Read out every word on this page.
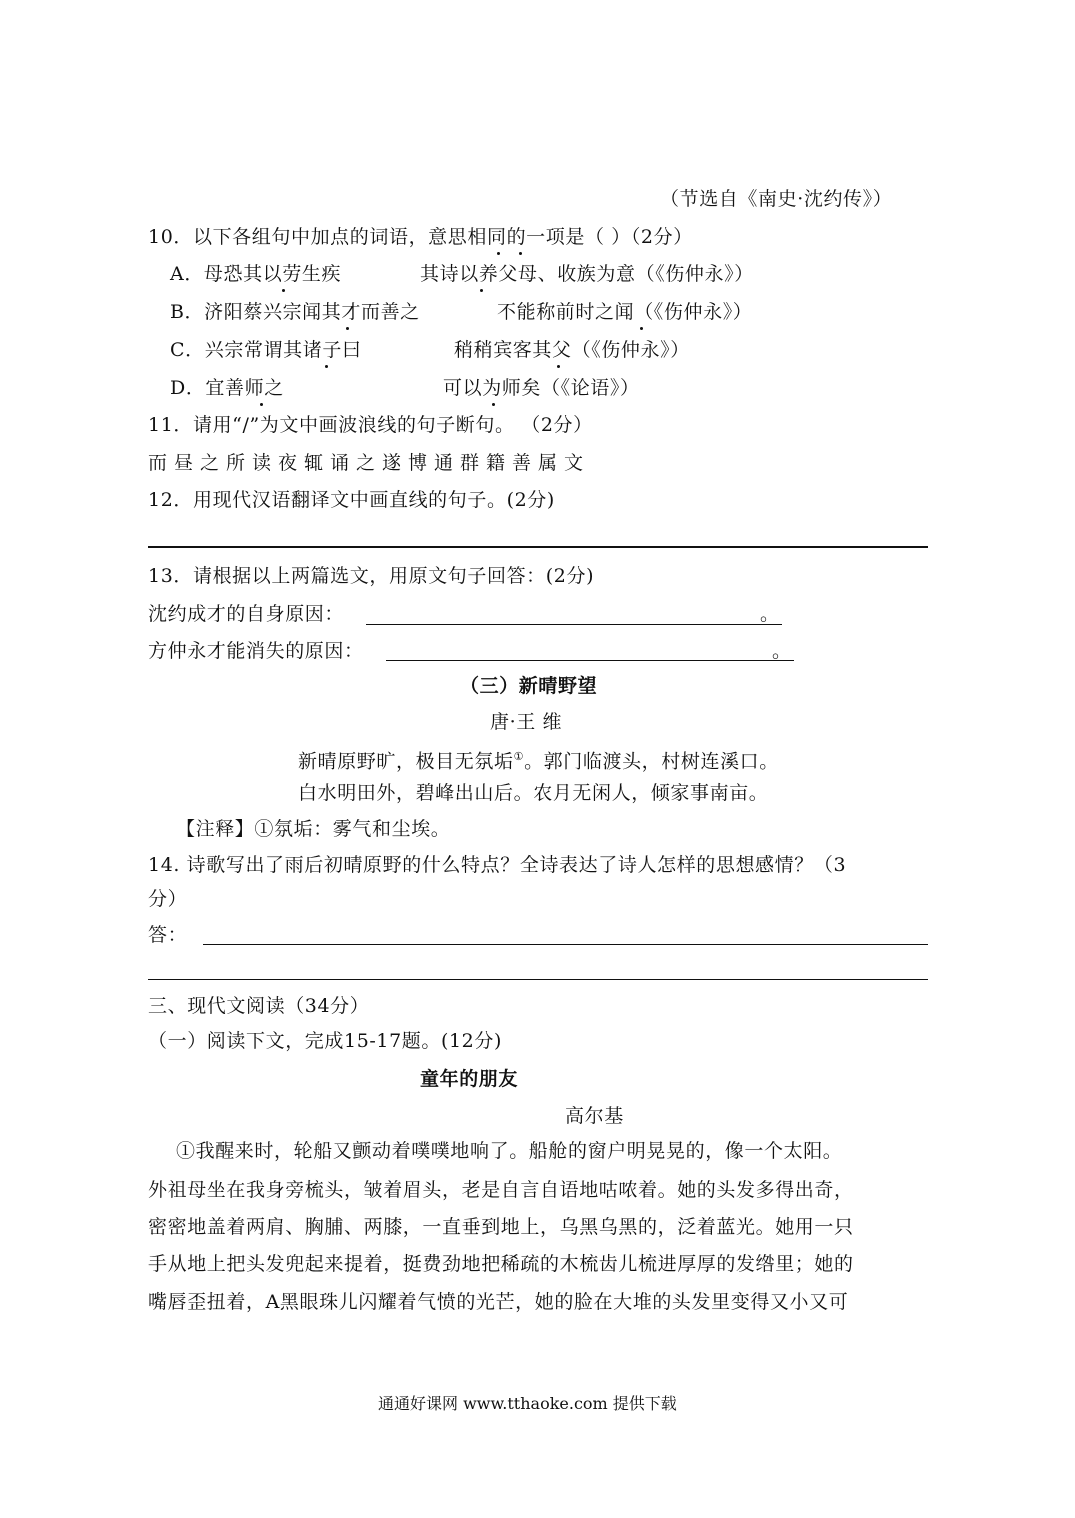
（节选自《南史·沈约传》）
10．以下各组句中加点的词语，意思相同的一项是（ ）（2分）
A．母恐其以劳生疾	其诗以养父母、收族为意（《伤仲永》）
B．济阳蔡兴宗闻其才而善之	不能称前时之闻（《伤仲永》）
C．兴宗常谓其诸子曰	稍稍宾客其父（《伤仲永》）
D．宜善师之	可以为师矣（《论语》）
11．请用“/”为文中画波浪线的句子断句。 （2分）
而昼之所读夜辄诵之遂博通群籍善属文
12．用现代汉语翻译文中画直线的句子。(2分)
13．请根据以上两篇选文，用原文句子回答：(2分)
沈约成才的自身原因：	。
方仲永才能消失的原因：	。
（三）新晴野望
唐·王 维
新晴原野旷，极目无氛垢①。郭门临渡头，村树连溪口。
白水明田外，碧峰出山后。农月无闲人，倾家事南亩。
【注释】①氛垢：雾气和尘埃。
14. 诗歌写出了雨后初晴原野的什么特点？全诗表达了诗人怎样的思想感情？（3
分）
答：
三、现代文阅读（34分）
（一）阅读下文，完成15-17题。(12分)
童年的朋友
高尔基
①我醒来时，轮船又颤动着噗噗地响了。船舱的窗户明晃晃的，像一个太阳。
外祖母坐在我身旁梳头，皱着眉头，老是自言自语地咕哝着。她的头发多得出奇，
密密地盖着两肩、胸脯、两膝，一直垂到地上，乌黑乌黑的，泛着蓝光。她用一只
手从地上把头发兜起来提着，挺费劲地把稀疏的木梳齿儿梳进厚厚的发绺里；她的
嘴唇歪扭着，A黑眼珠儿闪耀着气愤的光芒，她的脸在大堆的头发里变得又小又可
通通好课网 www.tthaoke.com 提供下载
